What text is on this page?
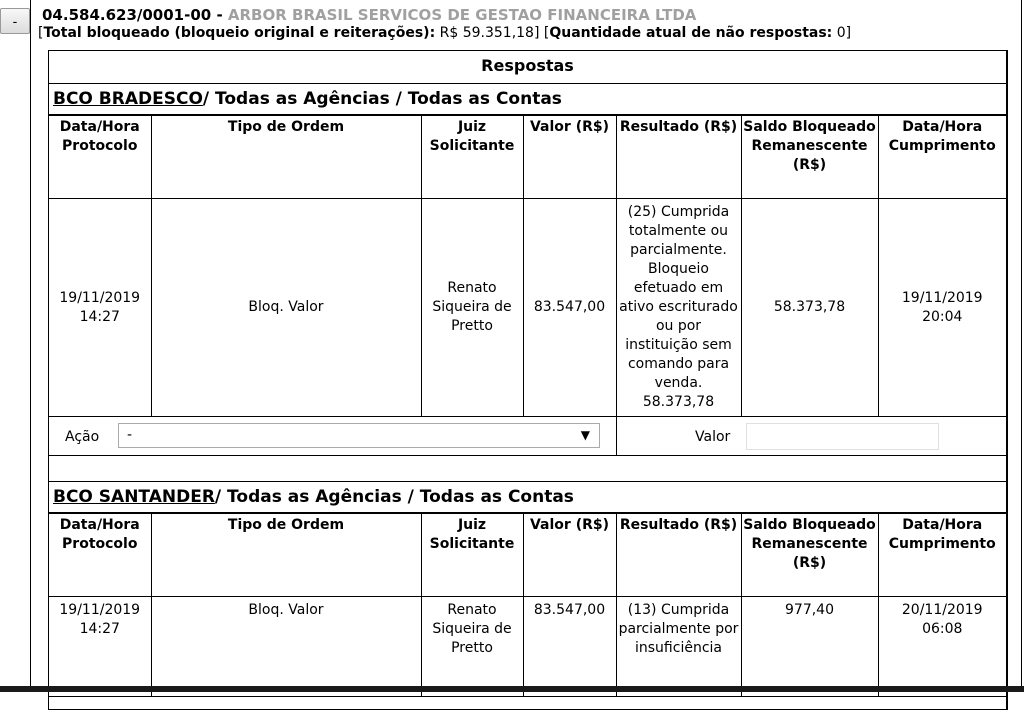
-	04.584.623/0001-00 - ARBOR BRASIL SERVICOS DE GESTAO FINANCEIRA LTDA
[Total bloqueado (bloqueio original e reiterações): R$ 59.351,18] [Quantidade atual de não respostas: 0]
Respostas
BCO BRADESCO/ Todas as Agências / Todas as Contas
Data/Hora Protocolo	Tipo de Ordem	Juiz Solicitante	Valor (R$)	Resultado (R$)	Saldo Bloqueado Remanescente (R$)	Data/Hora Cumprimento
19/11/2019 14:27	Bloq. Valor	Renato Siqueira de Pretto	83.547,00	(25) Cumprida totalmente ou parcialmente. Bloqueio efetuado em ativo escriturado ou por instituição sem comando para venda. 58.373,78	58.373,78	19/11/2019 20:04
Ação	-	▼	Valor
BCO SANTANDER/ Todas as Agências / Todas as Contas
Data/Hora Protocolo	Tipo de Ordem	Juiz Solicitante	Valor (R$)	Resultado (R$)	Saldo Bloqueado Remanescente (R$)	Data/Hora Cumprimento
19/11/2019 14:27	Bloq. Valor	Renato Siqueira de Pretto	83.547,00	(13) Cumprida parcialmente por insuficiência	977,40	20/11/2019 06:08
